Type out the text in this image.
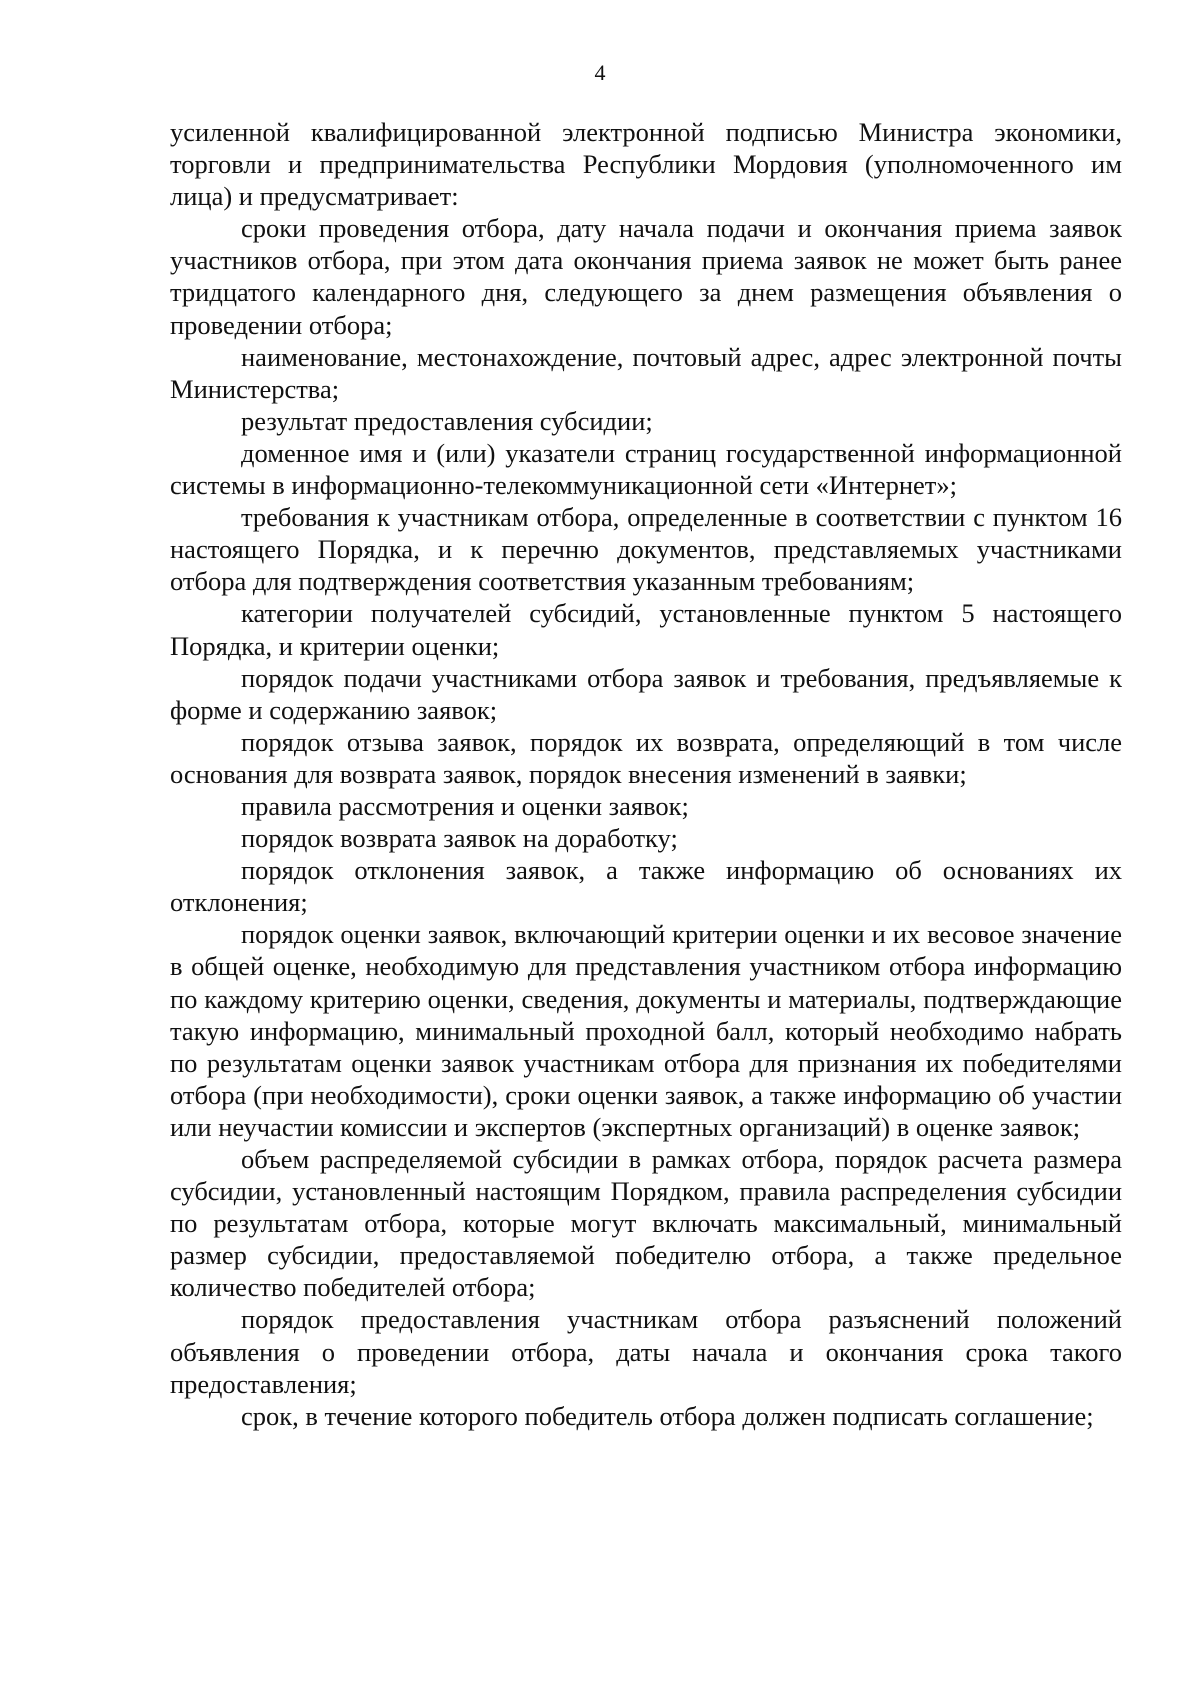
4

усиленной квалифицированной электронной подписью Министра экономики, торговли и предпринимательства Республики Мордовия (уполномоченного им лица) и предусматривает:

сроки проведения отбора, дату начала подачи и окончания приема заявок участников отбора, при этом дата окончания приема заявок не может быть ранее тридцатого календарного дня, следующего за днем размещения объявления о проведении отбора;

наименование, местонахождение, почтовый адрес, адрес электронной почты Министерства;

результат предоставления субсидии;

доменное имя и (или) указатели страниц государственной информационной системы в информационно-телекоммуникационной сети «Интернет»;

требования к участникам отбора, определенные в соответствии с пунктом 16 настоящего Порядка, и к перечню документов, представляемых участниками отбора для подтверждения соответствия указанным требованиям;

категории получателей субсидий, установленные пунктом 5 настоящего Порядка, и критерии оценки;

порядок подачи участниками отбора заявок и требования, предъявляемые к форме и содержанию заявок;

порядок отзыва заявок, порядок их возврата, определяющий в том числе основания для возврата заявок, порядок внесения изменений в заявки;

правила рассмотрения и оценки заявок;

порядок возврата заявок на доработку;

порядок отклонения заявок, а также информацию об основаниях их отклонения;

порядок оценки заявок, включающий критерии оценки и их весовое значение в общей оценке, необходимую для представления участником отбора информацию по каждому критерию оценки, сведения, документы и материалы, подтверждающие такую информацию, минимальный проходной балл, который необходимо набрать по результатам оценки заявок участникам отбора для признания их победителями отбора (при необходимости), сроки оценки заявок, а также информацию об участии или неучастии комиссии и экспертов (экспертных организаций) в оценке заявок;

объем распределяемой субсидии в рамках отбора, порядок расчета размера субсидии, установленный настоящим Порядком, правила распределения субсидии по результатам отбора, которые могут включать максимальный, минимальный размер субсидии, предоставляемой победителю отбора, а также предельное количество победителей отбора;

порядок предоставления участникам отбора разъяснений положений объявления о проведении отбора, даты начала и окончания срока такого предоставления;

срок, в течение которого победитель отбора должен подписать соглашение;
